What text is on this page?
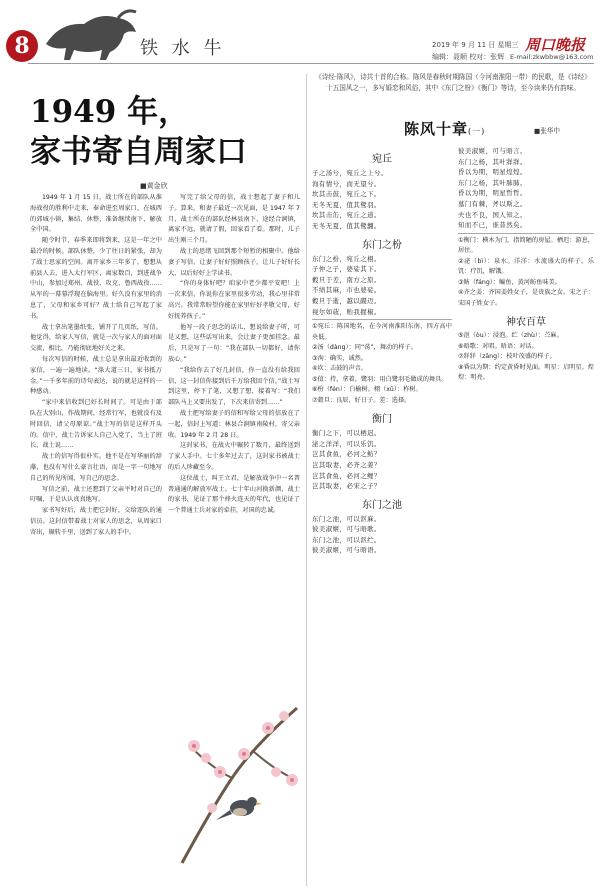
8	铁 水 牛	2019 年 9 月 11 日 星期三
编辑：聂顺 校对：张辉
周口晚报
E-mail:zkwbbw@163.com
1949 年，
家书寄自周家口
■黄金欣

1949 年 1 月 15 日，战士所在的部队从淮海战役的胜利中走来，奉命进至周家口，在城西的郊城小镇，集结、休整，准备继续南下，解放全中国。

随令时节，春季来即将到来，这是一年之中最冷的时候。部队休整，少了往日的紧张，却为了战士思家的空间。离开家乡三年多了，想想从前县人去，进入太行军区，离家数百，到进战争中山，参加过郑州、战役、攻克、鲁西战役……从军的一幕幕浮现在脑海里。好久没有家里的消息了，父母和家乡可好？战士给自己写起了家书。

战士拿出笔墨纸张，铺开了几页纸，写信。他觉得，给家人写信，就是一次与家人的面对面交流，相比，乃能彻底地好关之来。

每次写信的时候，战士总是拿出最近收到的家信，一遍一遍地读。“涤大道三日，家书抵万金。”一千多年前的诗句表达，说的就是这样的一种感动。

“家中来信收到已好长时间了。可是由于部队在大别山，作战期间，经常行军，也就没有及时回信，请父母原谅。”战士写的信是这样开头的。信中，战士告诉家人自己入党了，当上了班长，战士说……

战士的信写得很朴实。他不是在写华丽的辞藻，也没有写什么豪言壮语，而是一字一句地写自己的所见所闻，写自己的思念。

写信之前，战士还想到了父亲平时对自己的叮嘱，于是认认真真地写。

家书写好后，战士把它封好，交给连队的通信员。这封信带着战士对家人的思念，从周家口寄出，辗转千里，送到了家人的手中。

写完了给父母的信，战士想起了妻子和儿子。算来，和妻子最近一次见面，是 1947 年 7 月，战士所在的部队经林县南下，途经合涧镇，离家不远，就请了假，回家看了看。那时，儿子出生刚三个月。

战士的思绪飞回到那个短暂的相聚中。他给妻子写信，让妻子好好照顾孩子，让儿子好好长大，以后好好上学读书。

“你的身体好吧？咱家中老少都平安吧！上一次来信，你说你在家里很多劳动，我心里非常高兴。我常常盼望你能在家里好好孝敬父母，好好抚养孩子。”

他写一段子思念的话儿，想说给妻子听，可是又想，这些话写出来，会让妻子更加挂念。最后，只是写了一句：“我在部队一切都好，请你放心。”

“我给你去了好几封信，你一直没有给我回信，这一封信你接到后千万给我回个信。”战士写到这里，停下了笔，又想了想，接着写：“我们部队马上又要出发了，下次来信寄到……”

战士把写给妻子的信和写给父母的信放在了一起，信封上写道：林县合涧镇南陵村，寄父亲收。1949 年 2 月 28 日。

这封家书，在战火中辗转了数月，最终送到了家人手中。七十多年过去了，这封家书被战士的后人珍藏至今。

这位战士，叫王立君，是解放战争中一名普普通通的解放军战士。七十年山河换新颜，战士的家书，见证了那个烽火连天的年代，也见证了一个普通士兵对家的牵挂，对国的忠诚。

《诗经·陈风》，诗共十首的合称。陈风是春秋时期陈国（今河南淮阳一带）的民歌，是《诗经》十五国风之一，多写婚恋和风俗，其中《东门之枌》《衡门》等诗，至今读来仍有韵味。
陈风十章(一)	■张华中
宛丘
子之汤兮，宛丘之上兮。
洵有情兮，而无望兮。
坎其击鼓，宛丘之下。
无冬无夏，值其鹭羽。
坎其击缶，宛丘之道。
无冬无夏，值其鹭翿。
东门之枌
东门之枌，宛丘之栩。
子仲之子，婆娑其下。
穀旦于差，南方之原。
不绩其麻，市也婆娑。
穀旦于逝，越以鬷迈。
视尔如荍，贻我握椒。
①宛丘：陈国地名，在今河南淮阳东南，四方高中央低。
②汤（dàng）：同“荡”，舞动的样子。
③洵：确实，诚然。
④坎：击鼓的声音。
⑤值：持，拿着。鹭羽：用白鹭羽毛做成的舞具。
⑥枌（fén）：白榆树。栩（xǔ）：柞树。
⑦穀旦：良辰，好日子。差：选择。
衡门
衡门之下，可以栖迟。
泌之洋洋，可以乐饥。
岂其食鱼，必河之鲂？
岂其取妻，必齐之姜？
岂其食鱼，必河之鲤？
岂其取妻，必宋之子？
东门之池
东门之池，可以沤麻。
彼美淑姬，可与晤歌。
东门之池，可以沤纻。
彼美淑姬，可与晤语。
彼美淑姬，可与晤言。
东门之杨，其叶牂牂。
昏以为期，明星煌煌。
东门之杨，其叶肺肺。
昏以为期，明星晢晢。
墓门有棘，斧以斯之。
夫也不良，国人知之。
知而不已，谁昔然矣。
①衡门：横木为门，指简陋的房屋。栖迟：游息，居住。
②泌（bì）：泉水。洋洋：水流盛大的样子。乐饥：疗饥，解饿。
③鲂（fáng）：鳊鱼，黄河鲂鱼味美。
④齐之姜：齐国姜姓女子，是贵族之女。宋之子：宋国子姓女子。
神农百草
⑤沤（òu）：浸泡。纻（zhù）：苎麻。
⑥晤歌：对唱。晤语：对话。
⑦牂牂（zāng）：枝叶茂盛的样子。
⑧昏以为期：约定黄昏时见面。明星：启明星。煌煌：明亮。
